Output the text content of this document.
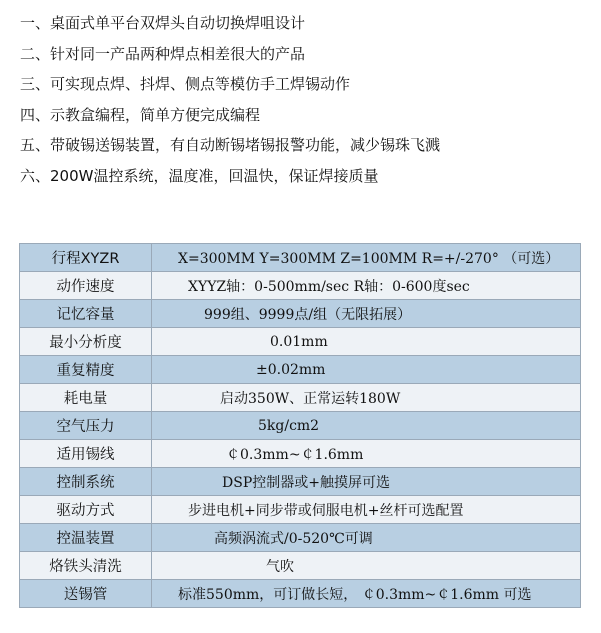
一、桌面式单平台双焊头自动切换焊咀设计
二、针对同一产品两种焊点相差很大的产品
三、可实现点焊、抖焊、侧点等模仿手工焊锡动作
四、示教盒编程，简单方便完成编程
五、带破锡送锡装置，有自动断锡堵锡报警功能，减少锡珠飞溅
六、200W温控系统，温度准，回温快，保证焊接质量
行程XYZR	X=300MM Y=300MM Z=100MM R=+/-270° （可选）
动作速度	XYYZ轴：0-500mm/sec R轴：0-600度sec
记忆容量	999组、9999点/组（无限拓展）
最小分析度	0.01mm
重复精度	±0.02mm
耗电量	启动350W、正常运转180W
空气压力	5kg/cm2
适用锡线	￠0.3mm~￠1.6mm
控制系统	DSP控制器或+触摸屏可选
驱动方式	步进电机+同步带或伺服电机+丝杆可选配置
控温装置	高频涡流式/0-520℃可调
烙铁头清洗	气吹
送锡管	标准550mm，可订做长短， ￠0.3mm~￠1.6mm 可选
